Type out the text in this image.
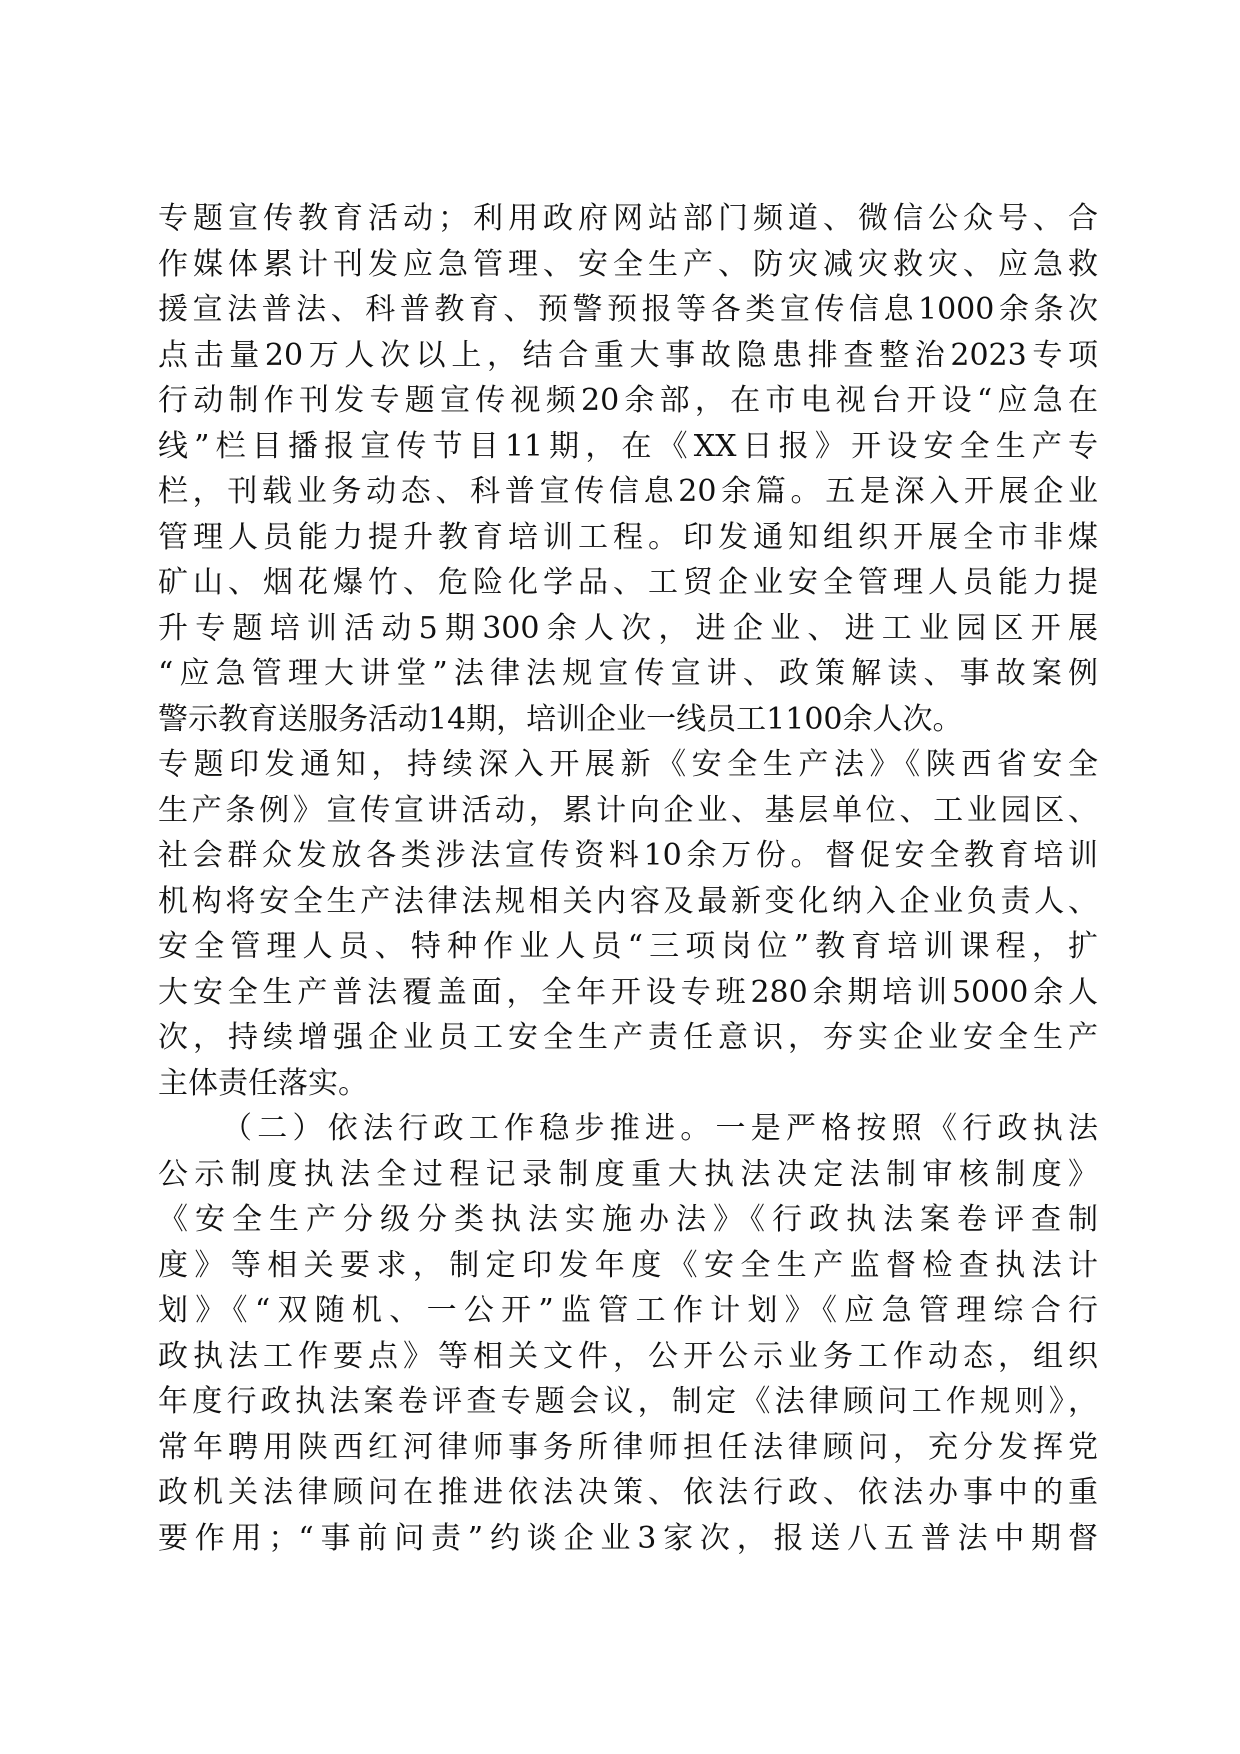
专题宣传教育活动；利用政府网站部门频道、微信公众号、合
作媒体累计刊发应急管理、安全生产、防灾减灾救灾、应急救
援宣法普法、科普教育、预警预报等各类宣传信息1000余条次
点击量20万人次以上，结合重大事故隐患排查整治2023专项
行动制作刊发专题宣传视频20余部，在市电视台开设“应急在
线”栏目播报宣传节目11期，在《XX日报》开设安全生产专
栏，刊载业务动态、科普宣传信息20余篇。五是深入开展企业
管理人员能力提升教育培训工程。印发通知组织开展全市非煤
矿山、烟花爆竹、危险化学品、工贸企业安全管理人员能力提
升专题培训活动5期300余人次，进企业、进工业园区开展
“应急管理大讲堂”法律法规宣传宣讲、政策解读、事故案例
警示教育送服务活动14期，培训企业一线员工1100余人次。
专题印发通知，持续深入开展新《安全生产法》《陕西省安全
生产条例》宣传宣讲活动，累计向企业、基层单位、工业园区、
社会群众发放各类涉法宣传资料10余万份。督促安全教育培训
机构将安全生产法律法规相关内容及最新变化纳入企业负责人、
安全管理人员、特种作业人员“三项岗位”教育培训课程，扩
大安全生产普法覆盖面，全年开设专班280余期培训5000余人
次，持续增强企业员工安全生产责任意识，夯实企业安全生产
主体责任落实。
（二）依法行政工作稳步推进。一是严格按照《行政执法
公示制度执法全过程记录制度重大执法决定法制审核制度》
《安全生产分级分类执法实施办法》《行政执法案卷评查制
度》等相关要求，制定印发年度《安全生产监督检查执法计
划》《“双随机、一公开”监管工作计划》《应急管理综合行
政执法工作要点》等相关文件，公开公示业务工作动态，组织
年度行政执法案卷评查专题会议，制定《法律顾问工作规则》，
常年聘用陕西红河律师事务所律师担任法律顾问，充分发挥党
政机关法律顾问在推进依法决策、依法行政、依法办事中的重
要作用；“事前问责”约谈企业3家次，报送八五普法中期督
